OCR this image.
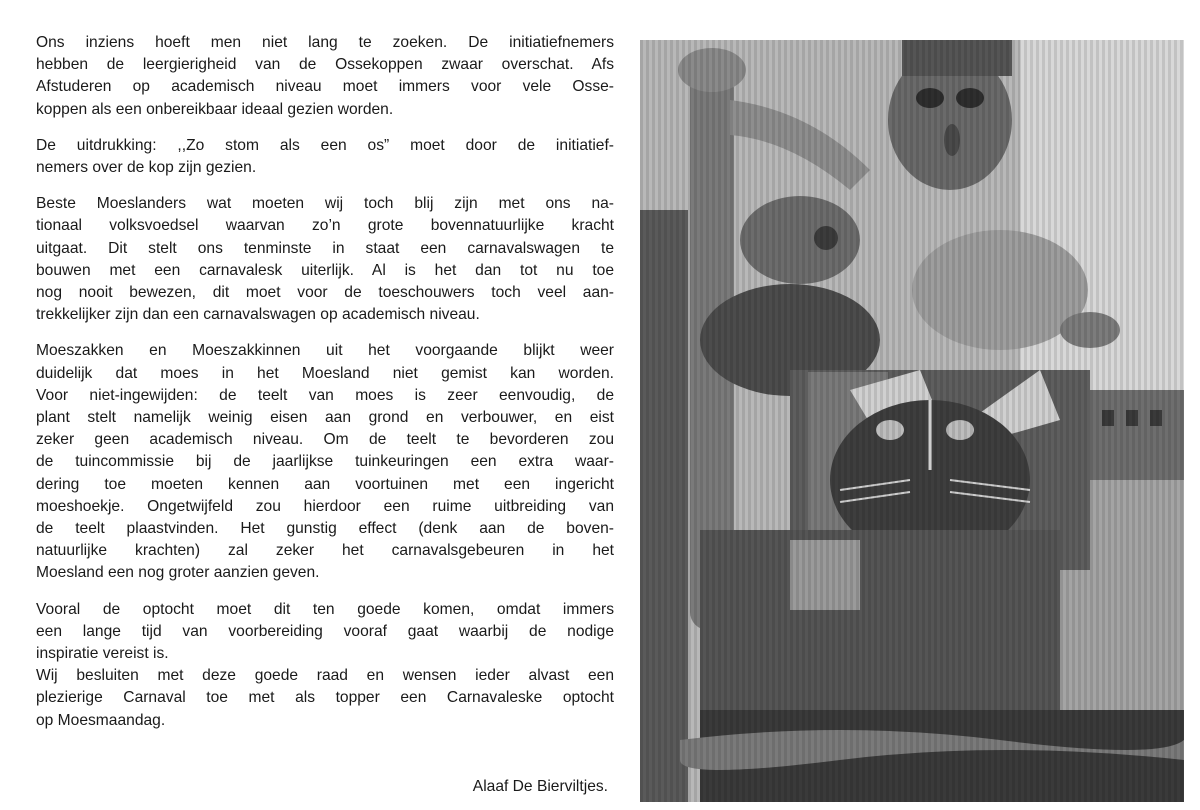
Ons inziens hoeft men niet lang te zoeken. De initiatiefnemers
hebben de leergierigheid van de Ossekoppen zwaar overschat. Afs
Afstuderen op academisch niveau moet immers voor vele Osse-
koppen als een onbereikbaar ideaal gezien worden.
De uitdrukking: ,,Zo stom als een os” moet door de initiatief-
nemers over de kop zijn gezien.
Beste Moeslanders wat moeten wij toch blij zijn met ons na-
tionaal volksvoedsel waarvan zo’n grote bovennatuurlijke kracht
uitgaat. Dit stelt ons tenminste in staat een carnavalswagen te
bouwen met een carnavalesk uiterlijk. Al is het dan tot nu toe
nog nooit bewezen, dit moet voor de toeschouwers toch veel aan-
trekkelijker zijn dan een carnavalswagen op academisch niveau.
Moeszakken en Moeszakkinnen uit het voorgaande blijkt weer
duidelijk dat moes in het Moesland niet gemist kan worden.
Voor niet-ingewijden: de teelt van moes is zeer eenvoudig, de
plant stelt namelijk weinig eisen aan grond en verbouwer, en eist
zeker geen academisch niveau. Om de teelt te bevorderen zou
de tuincommissie bij de jaarlijkse tuinkeuringen een extra waar-
dering toe moeten kennen aan voortuinen met een ingericht
moeshoekje. Ongetwijfeld zou hierdoor een ruime uitbreiding van
de teelt plaastvinden. Het gunstig effect (denk aan de boven-
natuurlijke krachten) zal zeker het carnavalsgebeuren in het
Moesland een nog groter aanzien geven.
Vooral de optocht moet dit ten goede komen, omdat immers
een lange tijd van voorbereiding vooraf gaat waarbij de nodige
inspiratie vereist is.
Wij besluiten met deze goede raad en wensen ieder alvast een
plezierige Carnaval toe met als topper een Carnavaleske optocht
op Moesmaandag.
Alaaf De Bierviltjes.
